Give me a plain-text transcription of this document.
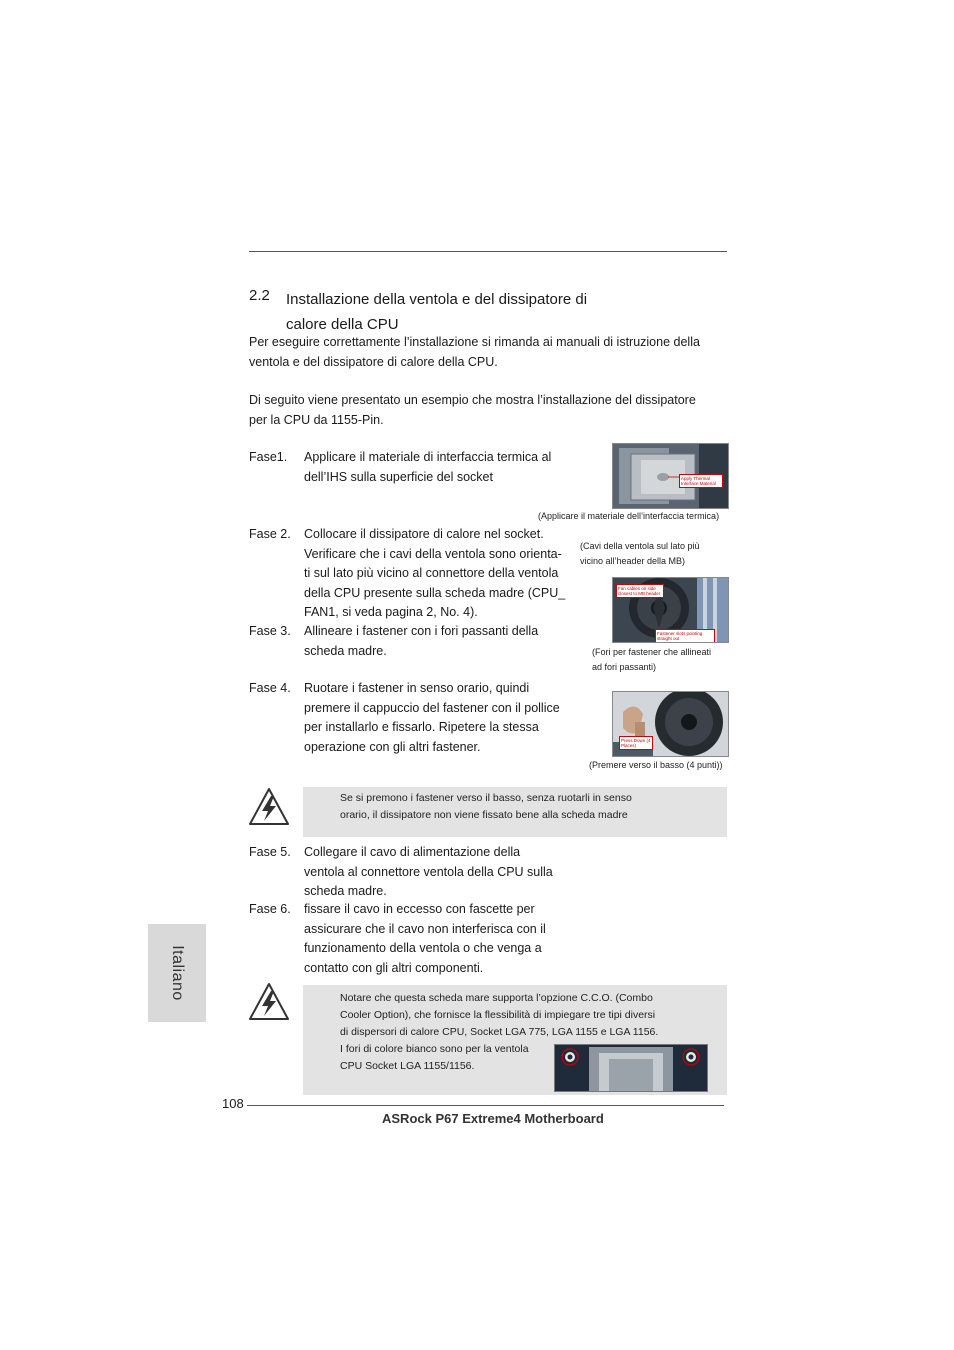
2.2 Installazione della ventola e del dissipatore di
calore della CPU
Per eseguire correttamente l’installazione si rimanda ai manuali di istruzione della
ventola e del dissipatore di calore della CPU.
Di seguito viene presentato un esempio che mostra l’installazione del dissipatore
per la CPU da 1155-Pin.
Fase1. Applicare il materiale di interfaccia termica al
dell’IHS sulla superficie del socket	Apply Thermal Interface Material
(Applicare il materiale dell’interfaccia termica)
Fase 2. Collocare il dissipatore di calore nel socket.
Verificare che i cavi della ventola sono orienta-
ti sul lato più vicino al connettore della ventola
della CPU presente sulla scheda madre (CPU_
FAN1, si veda pagina 2, No. 4).
(Cavi della ventola sul lato più
vicino all’header della MB)
Fan cables on side closest to MB header
Fastener slots pointing straight out
Fase 3. Allineare i fastener con i fori passanti della
scheda madre.	(Fori per fastener che allineati
ad fori passanti)
Fase 4. Ruotare i fastener in senso orario, quindi
premere il cappuccio del fastener con il pollice
per installarlo e fissarlo. Ripetere la stessa
operazione con gli altri fastener.	Press Down (4 Places)
(Premere verso il basso (4 punti))
Se si premono i fastener verso il basso, senza ruotarli in senso
orario, il dissipatore non viene fissato bene alla scheda madre
Fase 5. Collegare il cavo di alimentazione della
ventola al connettore ventola della CPU sulla
scheda madre.
Fase 6. fissare il cavo in eccesso con fascette per
assicurare che il cavo non interferisca con il
funzionamento della ventola o che venga a
contatto con gli altri componenti.
Italiano	Notare che questa scheda mare supporta l’opzione C.C.O. (Combo
Cooler Option), che fornisce la flessibilità di impiegare tre tipi diversi
di dispersori di calore CPU, Socket LGA 775, LGA 1155 e LGA 1156.
I fori di colore bianco sono per la ventola
CPU Socket LGA 1155/1156.
108
ASRock P67 Extreme4 Motherboard
